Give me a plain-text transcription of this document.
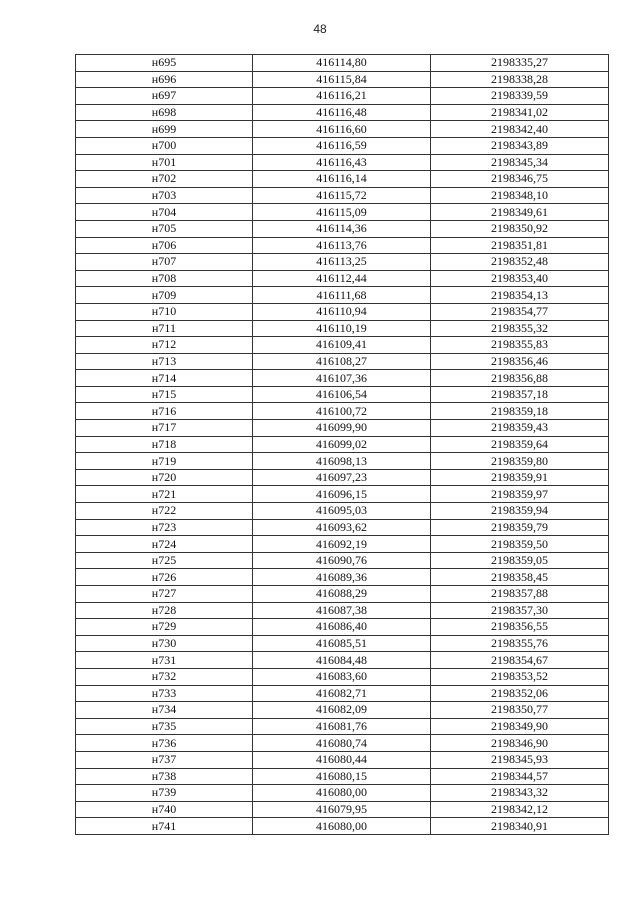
48
н695	416114,80	2198335,27
н696	416115,84	2198338,28
н697	416116,21	2198339,59
н698	416116,48	2198341,02
н699	416116,60	2198342,40
н700	416116,59	2198343,89
н701	416116,43	2198345,34
н702	416116,14	2198346,75
н703	416115,72	2198348,10
н704	416115,09	2198349,61
н705	416114,36	2198350,92
н706	416113,76	2198351,81
н707	416113,25	2198352,48
н708	416112,44	2198353,40
н709	416111,68	2198354,13
н710	416110,94	2198354,77
н711	416110,19	2198355,32
н712	416109,41	2198355,83
н713	416108,27	2198356,46
н714	416107,36	2198356,88
н715	416106,54	2198357,18
н716	416100,72	2198359,18
н717	416099,90	2198359,43
н718	416099,02	2198359,64
н719	416098,13	2198359,80
н720	416097,23	2198359,91
н721	416096,15	2198359,97
н722	416095,03	2198359,94
н723	416093,62	2198359,79
н724	416092,19	2198359,50
н725	416090,76	2198359,05
н726	416089,36	2198358,45
н727	416088,29	2198357,88
н728	416087,38	2198357,30
н729	416086,40	2198356,55
н730	416085,51	2198355,76
н731	416084,48	2198354,67
н732	416083,60	2198353,52
н733	416082,71	2198352,06
н734	416082,09	2198350,77
н735	416081,76	2198349,90
н736	416080,74	2198346,90
н737	416080,44	2198345,93
н738	416080,15	2198344,57
н739	416080,00	2198343,32
н740	416079,95	2198342,12
н741	416080,00	2198340,91
